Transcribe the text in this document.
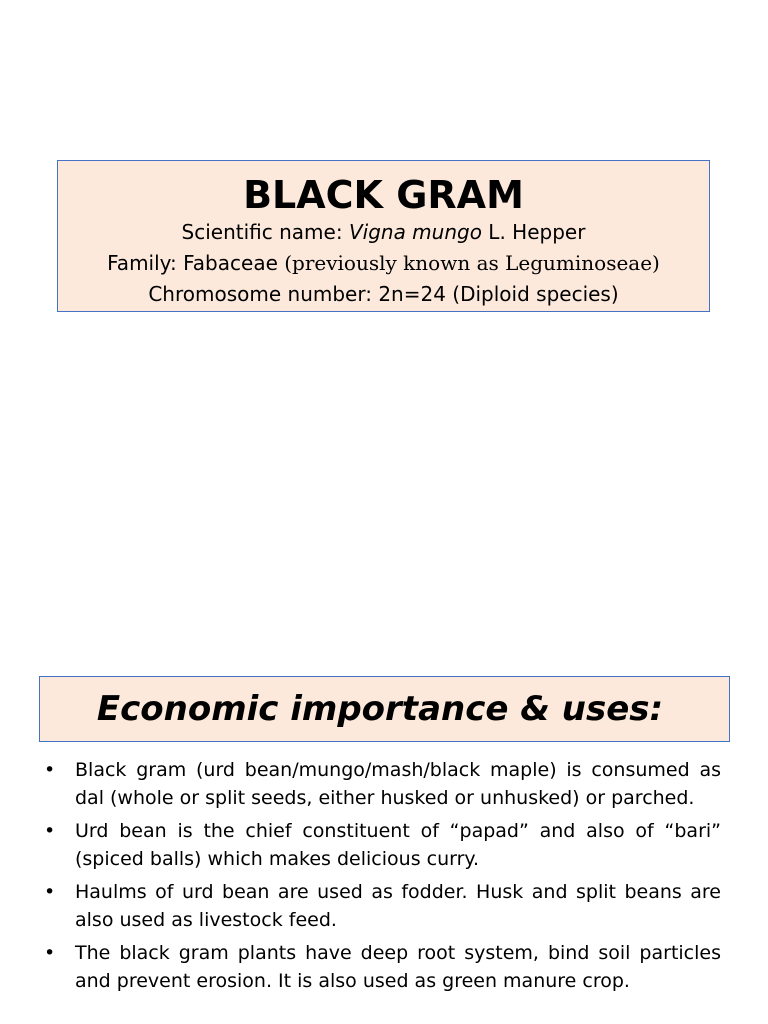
BLACK GRAM
Scientific name: Vigna mungo L. Hepper
Family: Fabaceae (previously known as Leguminoseae)
Chromosome number: 2n=24 (Diploid species)
Economic importance & uses:
• Black gram (urd bean/mungo/mash/black maple) is consumed as dal (whole or split seeds, either husked or unhusked) or parched.
• Urd bean is the chief constituent of “papad” and also of “bari” (spiced balls) which makes delicious curry.
• Haulms of urd bean are used as fodder. Husk and split beans are also used as livestock feed.
• The black gram plants have deep root system, bind soil particles and prevent erosion. It is also used as green manure crop.
